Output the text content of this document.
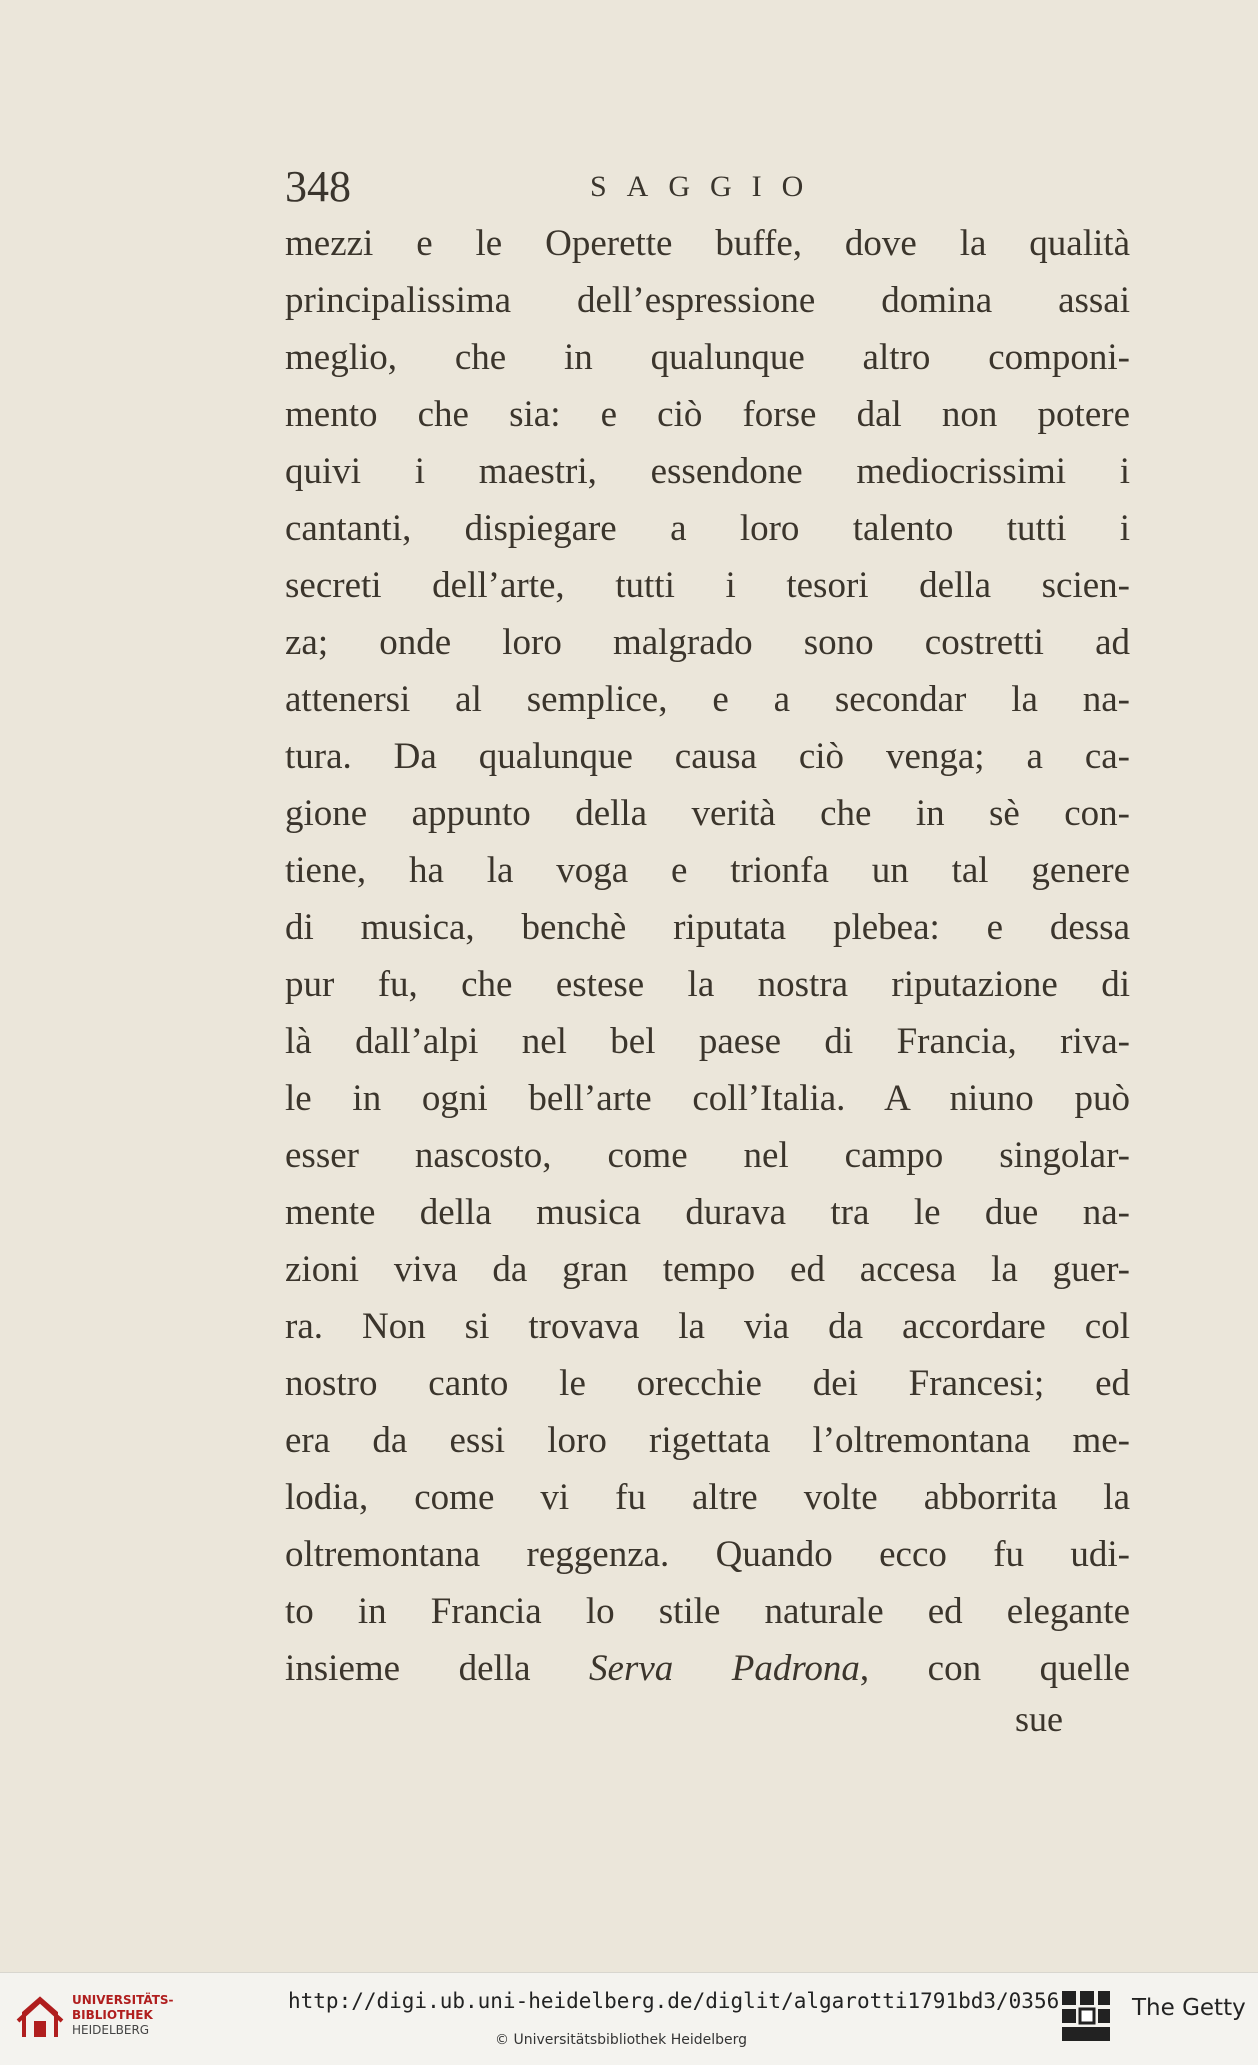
348	SAGGIO
mezzi e le Operette buffe, dove la qualità
principalissima dell’espressione domina assai
meglio, che in qualunque altro componi-
mento che sia: e ciò forse dal non potere
quivi i maestri, essendone mediocrissimi i
cantanti, dispiegare a loro talento tutti i
secreti dell’arte, tutti i tesori della scien-
za; onde loro malgrado sono costretti ad
attenersi al semplice, e a secondar la na-
tura. Da qualunque causa ciò venga; a ca-
gione appunto della verità che in sè con-
tiene, ha la voga e trionfa un tal genere
di musica, benchè riputata plebea: e dessa
pur fu, che estese la nostra riputazione di
là dall’alpi nel bel paese di Francia, riva-
le in ogni bell’arte coll’Italia. A niuno può
esser nascosto, come nel campo singolar-
mente della musica durava tra le due na-
zioni viva da gran tempo ed accesa la guer-
ra. Non si trovava la via da accordare col
nostro canto le orecchie dei Francesi; ed
era da essi loro rigettata l’oltremontana me-
lodia, come vi fu altre volte abborrita la
oltremontana reggenza. Quando ecco fu udi-
to in Francia lo stile naturale ed elegante
insieme della Serva Padrona, con quelle
sue
UNIVERSITÄTS-
BIBLIOTHEK
HEIDELBERG
http://digi.ub.uni-heidelberg.de/diglit/algarotti1791bd3/0356
© Universitätsbibliothek Heidelberg
The Getty
